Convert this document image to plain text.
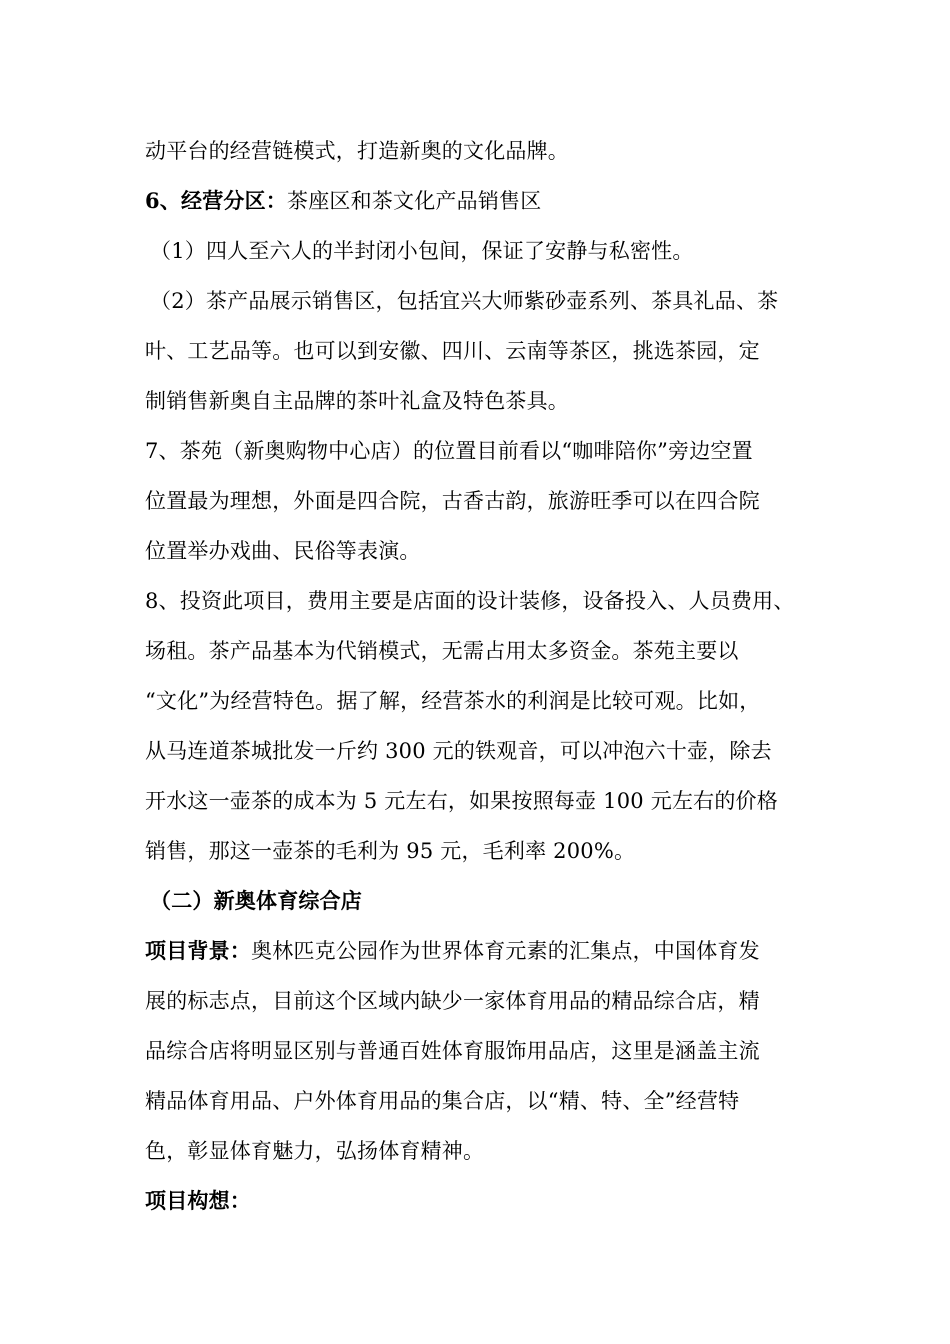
动平台的经营链模式，打造新奥的文化品牌。
6、经营分区：茶座区和茶文化产品销售区
（1）四人至六人的半封闭小包间，保证了安静与私密性。
（2）茶产品展示销售区，包括宜兴大师紫砂壶系列、茶具礼品、茶
叶、工艺品等。也可以到安徽、四川、云南等茶区，挑选茶园，定
制销售新奥自主品牌的茶叶礼盒及特色茶具。
7、茶苑（新奥购物中心店）的位置目前看以“咖啡陪你”旁边空置
位置最为理想，外面是四合院，古香古韵，旅游旺季可以在四合院
位置举办戏曲、民俗等表演。
8、投资此项目，费用主要是店面的设计装修，设备投入、人员费用、
场租。茶产品基本为代销模式，无需占用太多资金。茶苑主要以
“文化”为经营特色。据了解，经营茶水的利润是比较可观。比如，
从马连道茶城批发一斤约 300 元的铁观音，可以冲泡六十壶，除去
开水这一壶茶的成本为 5 元左右，如果按照每壶 100 元左右的价格
销售，那这一壶茶的毛利为 95 元，毛利率 200%。
（二）新奥体育综合店
项目背景：奥林匹克公园作为世界体育元素的汇集点，中国体育发
展的标志点，目前这个区域内缺少一家体育用品的精品综合店，精
品综合店将明显区别与普通百姓体育服饰用品店，这里是涵盖主流
精品体育用品、户外体育用品的集合店，以“精、特、全”经营特
色，彰显体育魅力，弘扬体育精神。
项目构想：
